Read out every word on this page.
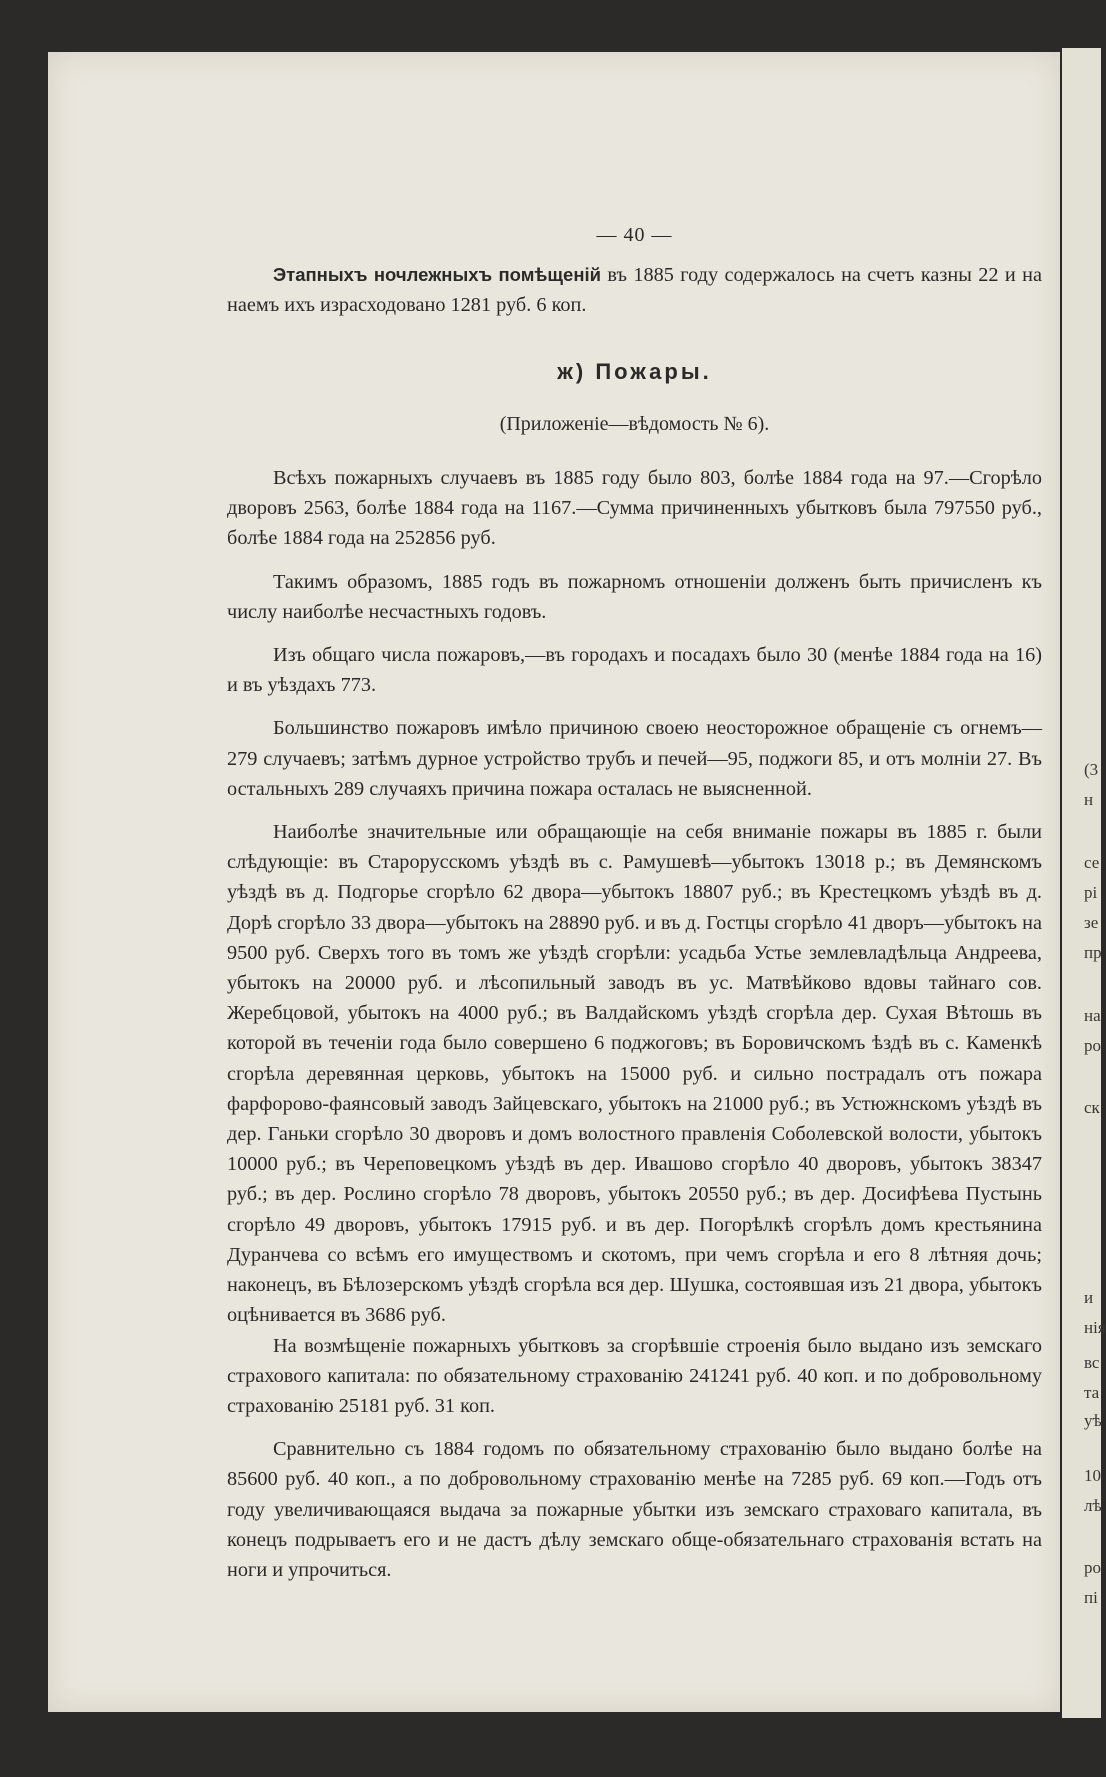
(3
н
се
рі
зе
пр
на
ро
ск
и
нія
вс
та
уѣ
10
лѣ
ро
пі
— 40 —

Этапныхъ ночлежныхъ помѣщеній въ 1885 году содержалось на счетъ казны 22 и на наемъ ихъ израсходовано 1281 руб. 6 коп.

ж) Пожары.
(Приложеніе—вѣдомость № 6).

Всѣхъ пожарныхъ случаевъ въ 1885 году было 803, болѣе 1884 года на 97.—Сгорѣло дворовъ 2563, болѣе 1884 года на 1167.—Сумма причиненныхъ убытковъ была 797550 руб., болѣе 1884 года на 252856 руб.

Такимъ образомъ, 1885 годъ въ пожарномъ отношеніи долженъ быть причисленъ къ числу наиболѣе несчастныхъ годовъ.

Изъ общаго числа пожаровъ,—въ городахъ и посадахъ было 30 (менѣе 1884 года на 16) и въ уѣздахъ 773.

Большинство пожаровъ имѣло причиною своею неосторожное обращеніе съ огнемъ—279 случаевъ; затѣмъ дурное устройство трубъ и печей—95, поджоги 85, и отъ молніи 27. Въ остальныхъ 289 случаяхъ причина пожара осталась не выясненной.

Наиболѣе значительные или обращающіе на себя вниманіе пожары въ 1885 г. были слѣдующіе: въ Старорусскомъ уѣздѣ въ с. Рамушевѣ—убытокъ 13018 р.; въ Демянскомъ уѣздѣ въ д. Подгорье сгорѣло 62 двора—убытокъ 18807 руб.; въ Крестецкомъ уѣздѣ въ д. Дорѣ сгорѣло 33 двора—убытокъ на 28890 руб. и въ д. Гостцы сгорѣло 41 дворъ—убытокъ на 9500 руб. Сверхъ того въ томъ же уѣздѣ сгорѣли: усадьба Устье землевладѣльца Андреева, убытокъ на 20000 руб. и лѣсопильный заводъ въ ус. Матвѣйково вдовы тайнаго сов. Жеребцовой, убытокъ на 4000 руб.; въ Валдайскомъ уѣздѣ сгорѣла дер. Сухая Вѣтошь въ которой въ теченіи года было совершено 6 поджоговъ; въ Боровичскомъ ѣздѣ въ с. Каменкѣ сгорѣла деревянная церковь, убытокъ на 15000 руб. и сильно пострадалъ отъ пожара фарфорово-фаянсовый заводъ Зайцевскаго, убытокъ на 21000 руб.; въ Устюжнскомъ уѣздѣ въ дер. Ганьки сгорѣло 30 дворовъ и домъ волостного правленія Соболевской волости, убытокъ 10000 руб.; въ Череповецкомъ уѣздѣ въ дер. Ивашово сгорѣло 40 дворовъ, убытокъ 38347 руб.; въ дер. Рослино сгорѣло 78 дворовъ, убытокъ 20550 руб.; въ дер. Досифѣева Пустынь сгорѣло 49 дворовъ, убытокъ 17915 руб. и въ дер. Погорѣлкѣ сгорѣлъ домъ крестьянина Дуранчева со всѣмъ его имуществомъ и скотомъ, при чемъ сгорѣла и его 8 лѣтняя дочь; наконецъ, въ Бѣлозерскомъ уѣздѣ сгорѣла вся дер. Шушка, состоявшая изъ 21 двора, убытокъ оцѣнивается въ 3686 руб.

На возмѣщеніе пожарныхъ убытковъ за сгорѣвшіе строенія было выдано изъ земскаго страхового капитала: по обязательному страхованію 241241 руб. 40 коп. и по добровольному страхованію 25181 руб. 31 коп.

Сравнительно съ 1884 годомъ по обязательному страхованію было выдано болѣе на 85600 руб. 40 коп., а по добровольному страхованію менѣе на 7285 руб. 69 коп.—Годъ отъ году увеличивающаяся выдача за пожарные убытки изъ земскаго страховаго капитала, въ конецъ подрываетъ его и не дастъ дѣлу земскаго обще-обязательнаго страхованія встать на ноги и упрочиться.
